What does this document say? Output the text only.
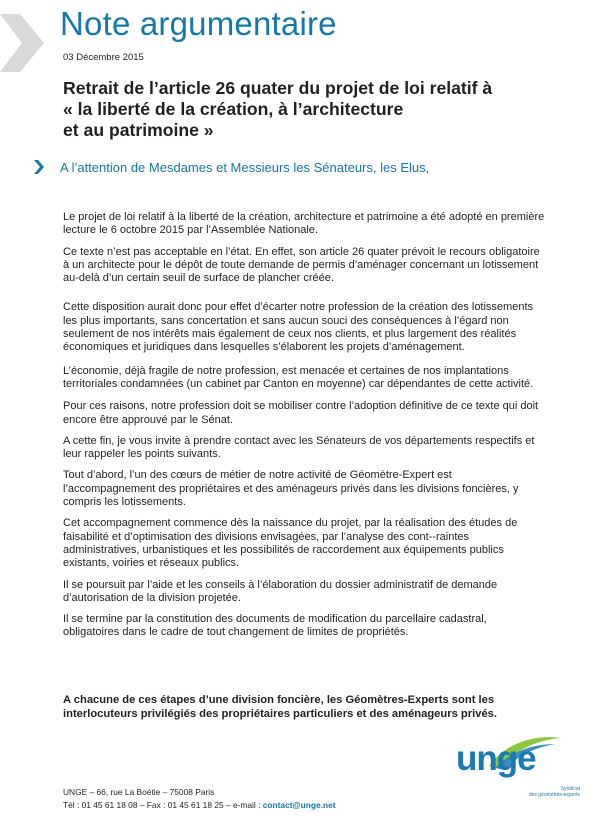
Note argumentaire
03 Décembre 2015
Retrait de l’article 26 quater du projet de loi relatif à
« la liberté de la création, à l’architecture
et au patrimoine »
A l’attention de Mesdames et Messieurs les Sénateurs, les Elus,

Le projet de loi relatif à la liberté de la création, architecture et patrimoine a été adopté en première lecture le 6 octobre 2015 par l’Assemblée Nationale.

Ce texte n’est pas acceptable en l’état. En effet, son article 26 quater prévoit le recours obligatoire à un architecte pour le dépôt de toute demande de permis d’aménager concernant un lotissement au-delà d’un certain seuil de surface de plancher créée.

Cette disposition aurait donc pour effet d’écarter notre profession de la création des lotissements les plus importants, sans concertation et sans aucun souci des conséquences à l’égard non seulement de nos intérêts mais également de ceux nos clients, et plus largement des réalités économiques et juridiques dans lesquelles s’élaborent les projets d’aménagement.

L’économie, déjà fragile de notre profession, est menacée et certaines de nos implantations territoriales condamnées (un cabinet par Canton en moyenne) car dépendantes de cette activité.

Pour ces raisons, notre profession doit se mobiliser contre l’adoption définitive de ce texte qui doit encore être approuvé par le Sénat.

A cette fin, je vous invite à prendre contact avec les Sénateurs de vos départements respectifs et leur rappeler les points suivants.

Tout d’abord, l’un des cœurs de métier de notre activité de Géomètre-Expert est l’accompagnement des propriétaires et des aménageurs privés dans les divisions foncières, y compris les lotissements.

Cet accompagnement commence dès la naissance du projet, par la réalisation des études de faisabilité et d’optimisation des divisions envisagées, par l’analyse des cont--raintes administratives, urbanistiques et les possibilités de raccordement aux équipements publics existants, voiries et réseaux publics.

Il se poursuit par l’aide et les conseils à l’élaboration du dossier administratif de demande d’autorisation de la division projetée.

Il se termine par la constitution des documents de modification du parcellaire cadastral, obligatoires dans le cadre de tout changement de limites de propriétés.

A chacune de ces étapes d’une division foncière, les Géomètres-Experts sont les interlocuteurs privilégiés des propriétaires particuliers et des aménageurs privés.
unge
Syndicat
des géomètres-experts
UNGE – 66, rue La Boétie – 75008 Paris
Tél : 01 45 61 18 08 – Fax : 01 45 61 18 25 – e-mail : contact@unge.net
